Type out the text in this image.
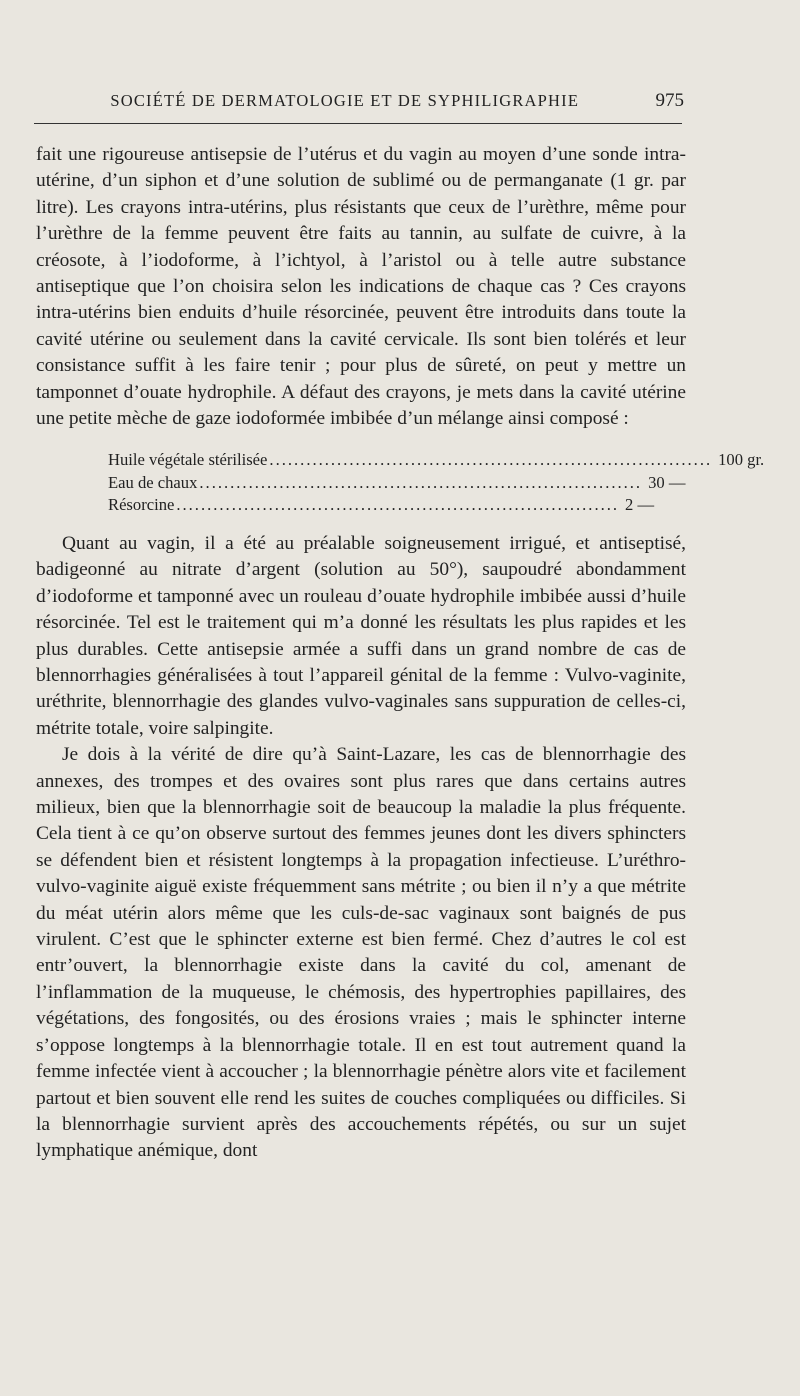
SOCIÉTÉ DE DERMATOLOGIE ET DE SYPHILIGRAPHIE	975

fait une rigoureuse antisepsie de l’utérus et du vagin au moyen d’une sonde intra-utérine, d’un siphon et d’une solution de sublimé ou de permanganate (1 gr. par litre). Les crayons intra-utérins, plus résistants que ceux de l’urèthre, même pour l’urèthre de la femme peuvent être faits au tannin, au sulfate de cuivre, à la créosote, à l’iodoforme, à l’ichtyol, à l’aristol ou à telle autre substance antiseptique que l’on choisira selon les indications de chaque cas ? Ces crayons intra-utérins bien enduits d’huile résorcinée, peuvent être introduits dans toute la cavité utérine ou seulement dans la cavité cervicale. Ils sont bien tolérés et leur consistance suffit à les faire tenir ; pour plus de sûreté, on peut y mettre un tamponnet d’ouate hydrophile. A défaut des crayons, je mets dans la cavité utérine une petite mèche de gaze iodoformée imbibée d’un mélange ainsi composé :

Huile végétale stérilisée ........................................................................ 100 gr.
Eau de chaux ........................................................................ 30 —
Résorcine ........................................................................ 2 —

Quant au vagin, il a été au préalable soigneusement irrigué, et antiseptisé, badigeonné au nitrate d’argent (solution au 50°), saupoudré abondamment d’iodoforme et tamponné avec un rouleau d’ouate hydrophile imbibée aussi d’huile résorcinée. Tel est le traitement qui m’a donné les résultats les plus rapides et les plus durables. Cette antisepsie armée a suffi dans un grand nombre de cas de blennorrhagies généralisées à tout l’appareil génital de la femme : Vulvo-vaginite, uréthrite, blennorrhagie des glandes vulvo-vaginales sans suppuration de celles-ci, métrite totale, voire salpingite.

Je dois à la vérité de dire qu’à Saint-Lazare, les cas de blennorrhagie des annexes, des trompes et des ovaires sont plus rares que dans certains autres milieux, bien que la blennorrhagie soit de beaucoup la maladie la plus fréquente. Cela tient à ce qu’on observe surtout des femmes jeunes dont les divers sphincters se défendent bien et résistent longtemps à la propagation infectieuse. L’uréthro-vulvo-vaginite aiguë existe fréquemment sans métrite ; ou bien il n’y a que métrite du méat utérin alors même que les culs-de-sac vaginaux sont baignés de pus virulent. C’est que le sphincter externe est bien fermé. Chez d’autres le col est entr’ouvert, la blennorrhagie existe dans la cavité du col, amenant de l’inflammation de la muqueuse, le chémosis, des hypertrophies papillaires, des végétations, des fongosités, ou des érosions vraies ; mais le sphincter interne s’oppose longtemps à la blennorrhagie totale. Il en est tout autrement quand la femme infectée vient à accoucher ; la blennorrhagie pénètre alors vite et facilement partout et bien souvent elle rend les suites de couches compliquées ou difficiles. Si la blennorrhagie survient après des accouchements répétés, ou sur un sujet lymphatique anémique, dont
